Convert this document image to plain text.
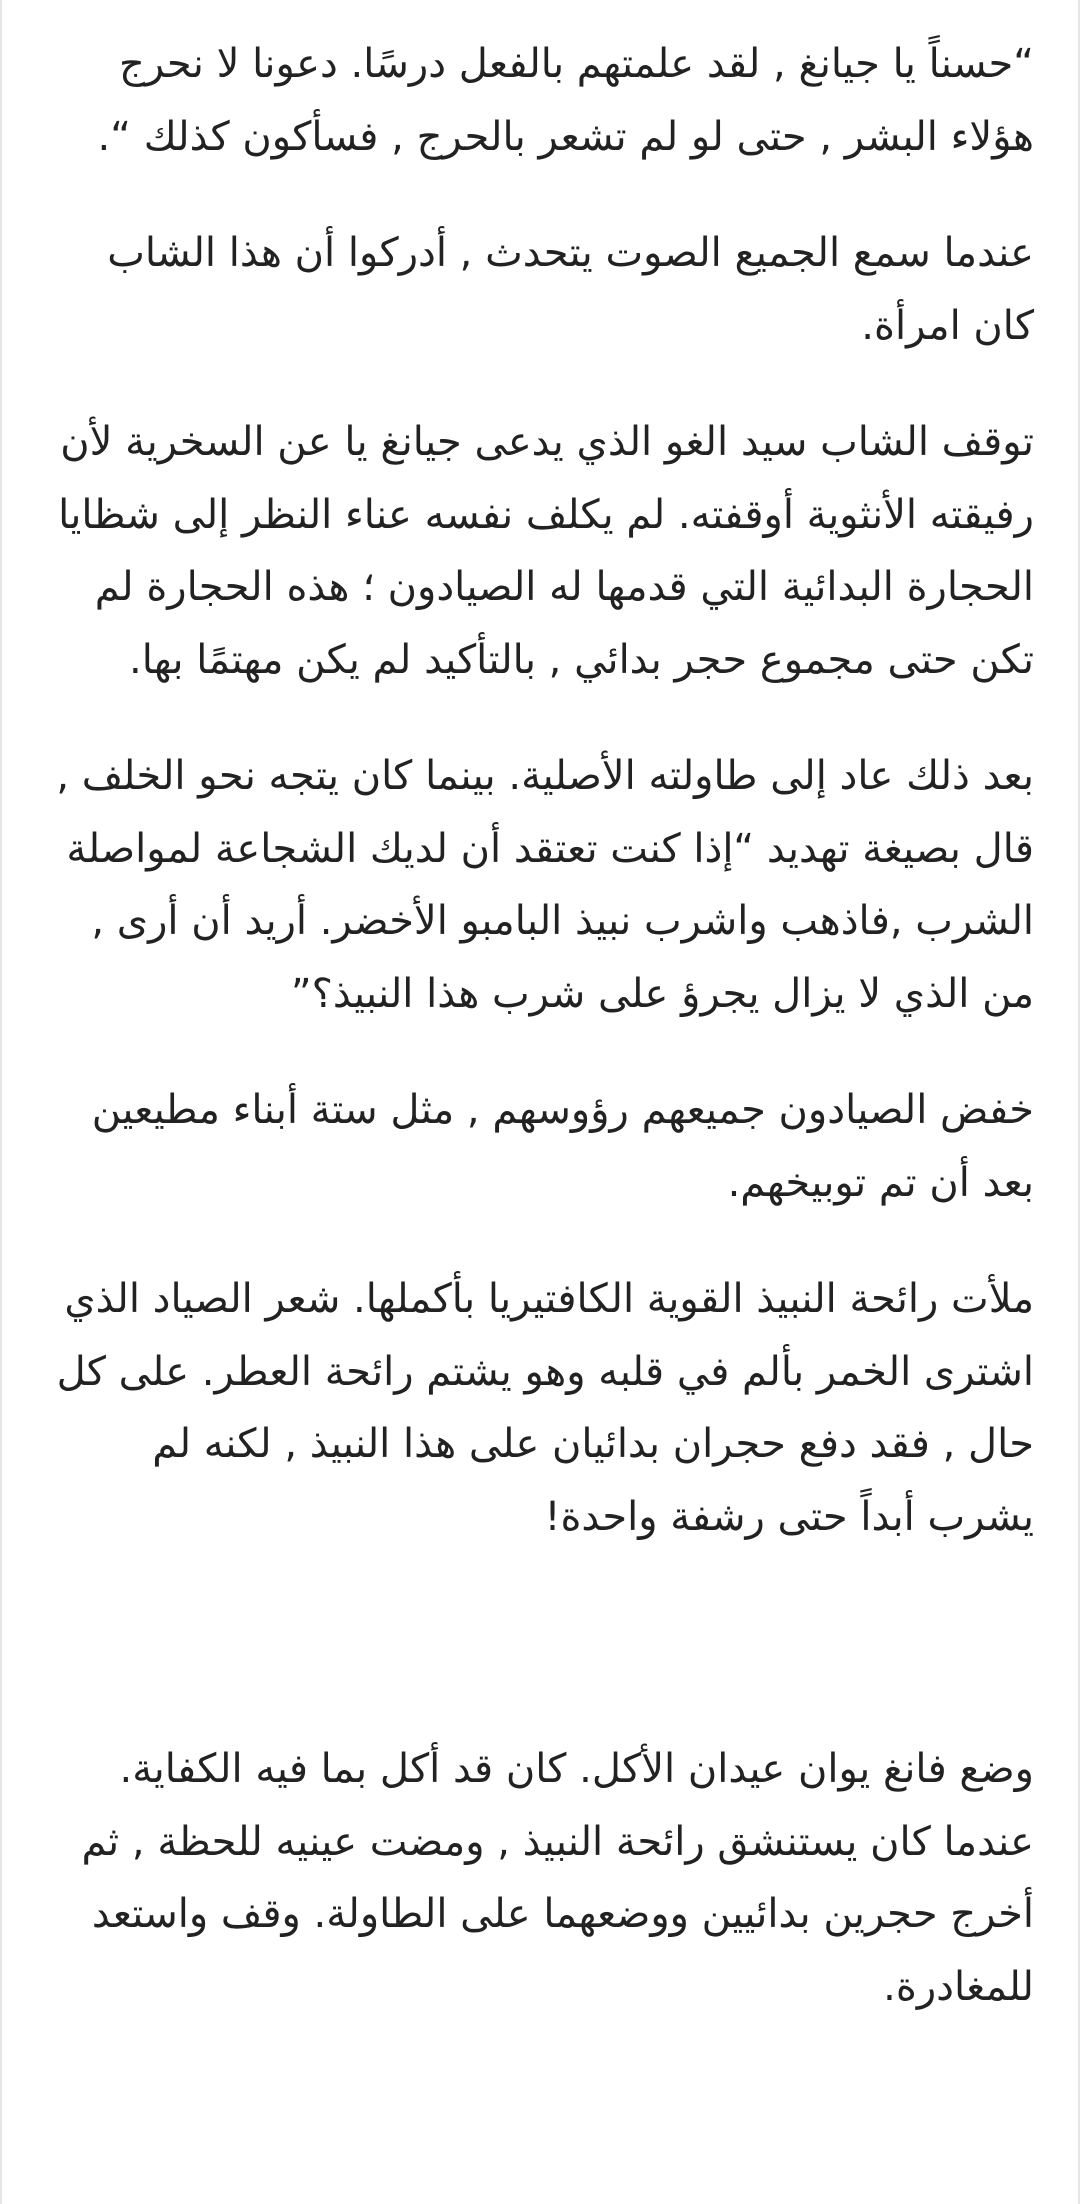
“حسناً يا جيانغ , لقد علمتهم بالفعل درسًا. دعونا لا نحرج هؤلاء البشر , حتى لو لم تشعر بالحرج , فسأكون كذلك “.

عندما سمع الجميع الصوت يتحدث , أدركوا أن هذا الشاب كان امرأة.

توقف الشاب سيد الغو الذي يدعى جيانغ يا عن السخرية لأن رفيقته الأنثوية أوقفته. لم يكلف نفسه عناء النظر إلى شظايا الحجارة البدائية التي قدمها له الصيادون ؛ هذه الحجارة لم تكن حتى مجموع حجر بدائي , بالتأكيد لم يكن مهتمًا بها.

بعد ذلك عاد إلى طاولته الأصلية. بينما كان يتجه نحو الخلف , قال بصيغة تهديد “إذا كنت تعتقد أن لديك الشجاعة لمواصلة الشرب ,فاذهب واشرب نبيذ البامبو الأخضر. أريد أن أرى , من الذي لا يزال يجرؤ على شرب هذا النبيذ؟”

خفض الصيادون جميعهم رؤوسهم , مثل ستة أبناء مطيعين بعد أن تم توبيخهم.

ملأت رائحة النبيذ القوية الكافتيريا بأكملها. شعر الصياد الذي اشترى الخمر بألم في قلبه وهو يشتم رائحة العطر. على كل حال , فقد دفع حجران بدائيان على هذا النبيذ , لكنه لم يشرب أبداً حتى رشفة واحدة!

وضع فانغ يوان عيدان الأكل. كان قد أكل بما فيه الكفاية. عندما كان يستنشق رائحة النبيذ , ومضت عينيه للحظة , ثم أخرج حجرين بدائيين ووضعهما على الطاولة. وقف واستعد للمغادرة.
